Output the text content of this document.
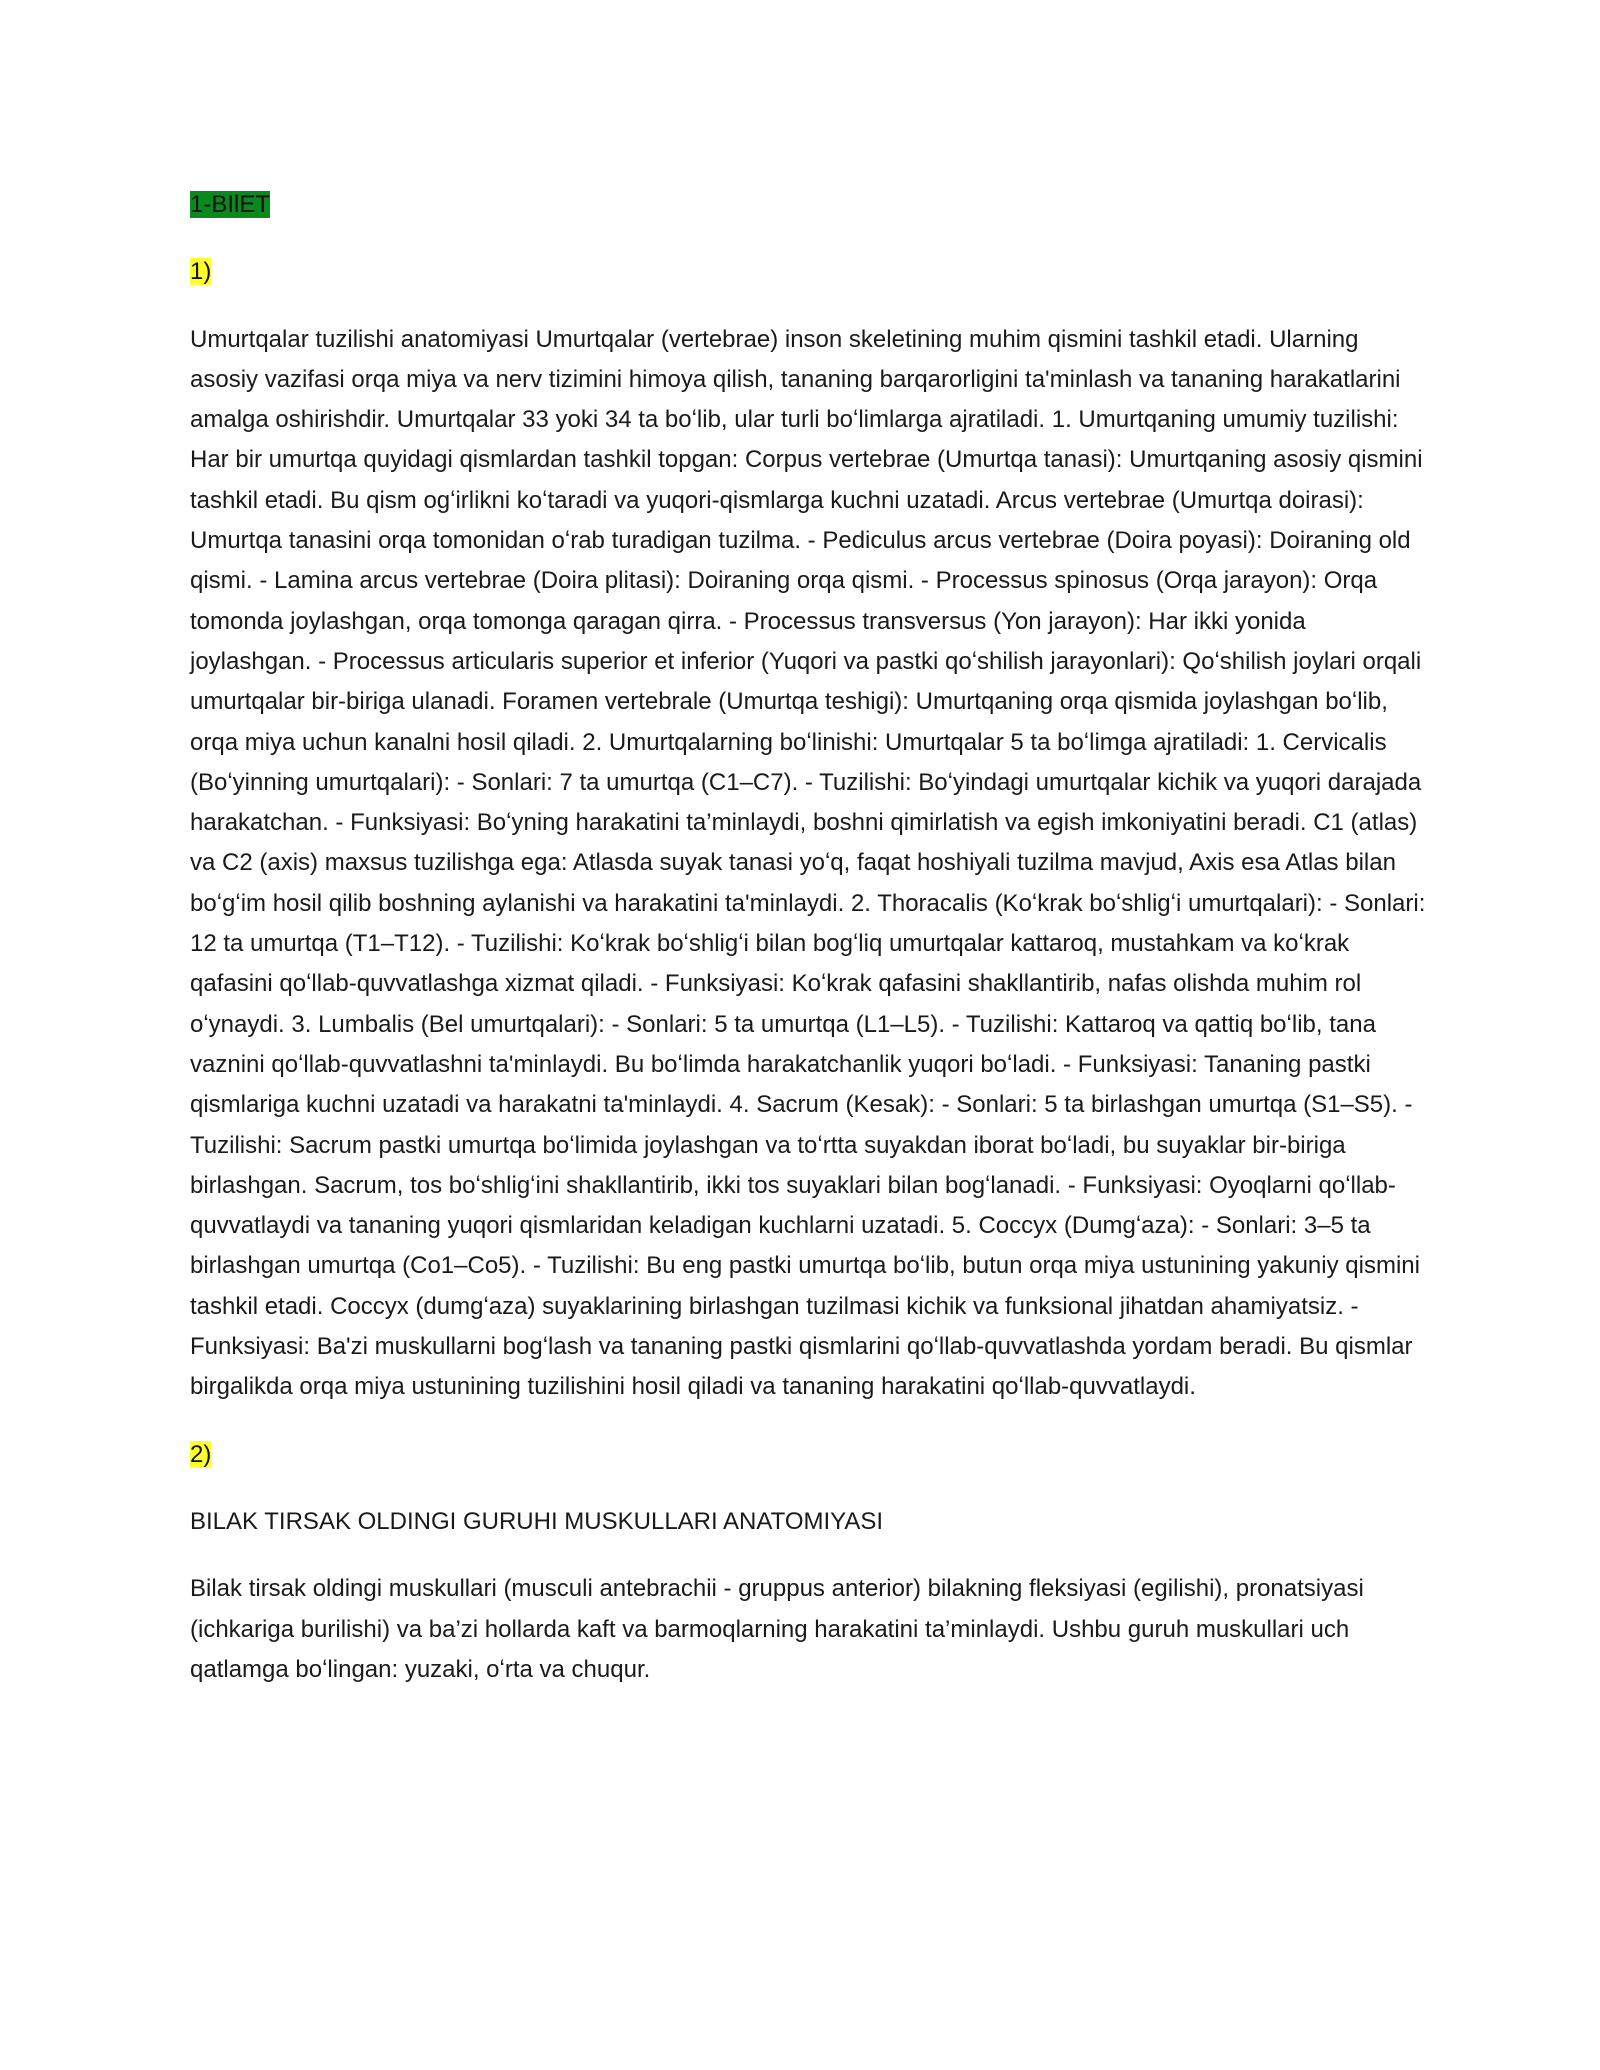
1-BIlET

1)

Umurtqalar tuzilishi anatomiyasi Umurtqalar (vertebrae) inson skeletining muhim qismini tashkil etadi. Ularning asosiy vazifasi orqa miya va nerv tizimini himoya qilish, tananing barqarorligini ta'minlash va tananing harakatlarini amalga oshirishdir. Umurtqalar 33 yoki 34 ta boʻlib, ular turli boʻlimlarga ajratiladi. 1. Umurtqaning umumiy tuzilishi: Har bir umurtqa quyidagi qismlardan tashkil topgan: Corpus vertebrae (Umurtqa tanasi): Umurtqaning asosiy qismini tashkil etadi. Bu qism ogʻirlikni koʻtaradi va yuqori-qismlarga kuchni uzatadi. Arcus vertebrae (Umurtqa doirasi): Umurtqa tanasini orqa tomonidan oʻrab turadigan tuzilma. - Pediculus arcus vertebrae (Doira poyasi): Doiraning old qismi. - Lamina arcus vertebrae (Doira plitasi): Doiraning orqa qismi. - Processus spinosus (Orqa jarayon): Orqa tomonda joylashgan, orqa tomonga qaragan qirra. - Processus transversus (Yon jarayon): Har ikki yonida joylashgan. - Processus articularis superior et inferior (Yuqori va pastki qoʻshilish jarayonlari): Qoʻshilish joylari orqali umurtqalar bir-biriga ulanadi. Foramen vertebrale (Umurtqa teshigi): Umurtqaning orqa qismida joylashgan boʻlib, orqa miya uchun kanalni hosil qiladi. 2. Umurtqalarning boʻlinishi: Umurtqalar 5 ta boʻlimga ajratiladi: 1. Cervicalis (Boʻyinning umurtqalari): - Sonlari: 7 ta umurtqa (C1–C7). - Tuzilishi: Boʻyindagi umurtqalar kichik va yuqori darajada harakatchan. - Funksiyasi: Boʻyning harakatini ta’minlaydi, boshni qimirlatish va egish imkoniyatini beradi. C1 (atlas) va C2 (axis) maxsus tuzilishga ega: Atlasda suyak tanasi yoʻq, faqat hoshiyali tuzilma mavjud, Axis esa Atlas bilan boʻgʻim hosil qilib boshning aylanishi va harakatini ta'minlaydi. 2. Thoracalis (Koʻkrak boʻshligʻi umurtqalari): - Sonlari: 12 ta umurtqa (T1–T12). - Tuzilishi: Koʻkrak boʻshligʻi bilan bogʻliq umurtqalar kattaroq, mustahkam va koʻkrak qafasini qoʻllab-quvvatlashga xizmat qiladi. - Funksiyasi: Koʻkrak qafasini shakllantirib, nafas olishda muhim rol oʻynaydi. 3. Lumbalis (Bel umurtqalari): - Sonlari: 5 ta umurtqa (L1–L5). - Tuzilishi: Kattaroq va qattiq boʻlib, tana vaznini qoʻllab-quvvatlashni ta'minlaydi. Bu boʻlimda harakatchanlik yuqori boʻladi. - Funksiyasi: Tananing pastki qismlariga kuchni uzatadi va harakatni ta'minlaydi. 4. Sacrum (Kesak): - Sonlari: 5 ta birlashgan umurtqa (S1–S5). - Tuzilishi: Sacrum pastki umurtqa boʻlimida joylashgan va toʻrtta suyakdan iborat boʻladi, bu suyaklar bir-biriga birlashgan. Sacrum, tos boʻshligʻini shakllantirib, ikki tos suyaklari bilan bogʻlanadi. - Funksiyasi: Oyoqlarni qoʻllab-quvvatlaydi va tananing yuqori qismlaridan keladigan kuchlarni uzatadi. 5. Coccyx (Dumgʻaza): - Sonlari: 3–5 ta birlashgan umurtqa (Co1–Co5). - Tuzilishi: Bu eng pastki umurtqa boʻlib, butun orqa miya ustunining yakuniy qismini tashkil etadi. Coccyx (dumgʻaza) suyaklarining birlashgan tuzilmasi kichik va funksional jihatdan ahamiyatsiz. - Funksiyasi: Ba'zi muskullarni bogʻlash va tananing pastki qismlarini qoʻllab-quvvatlashda yordam beradi. Bu qismlar birgalikda orqa miya ustunining tuzilishini hosil qiladi va tananing harakatini qoʻllab-quvvatlaydi.

2)

BILAK TIRSAK OLDINGI GURUHI MUSKULLARI ANATOMIYASI

Bilak tirsak oldingi muskullari (musculi antebrachii - gruppus anterior) bilakning fleksiyasi (egilishi), pronatsiyasi (ichkariga burilishi) va ba’zi hollarda kaft va barmoqlarning harakatini ta’minlaydi. Ushbu guruh muskullari uch qatlamga boʻlingan: yuzaki, oʻrta va chuqur.
